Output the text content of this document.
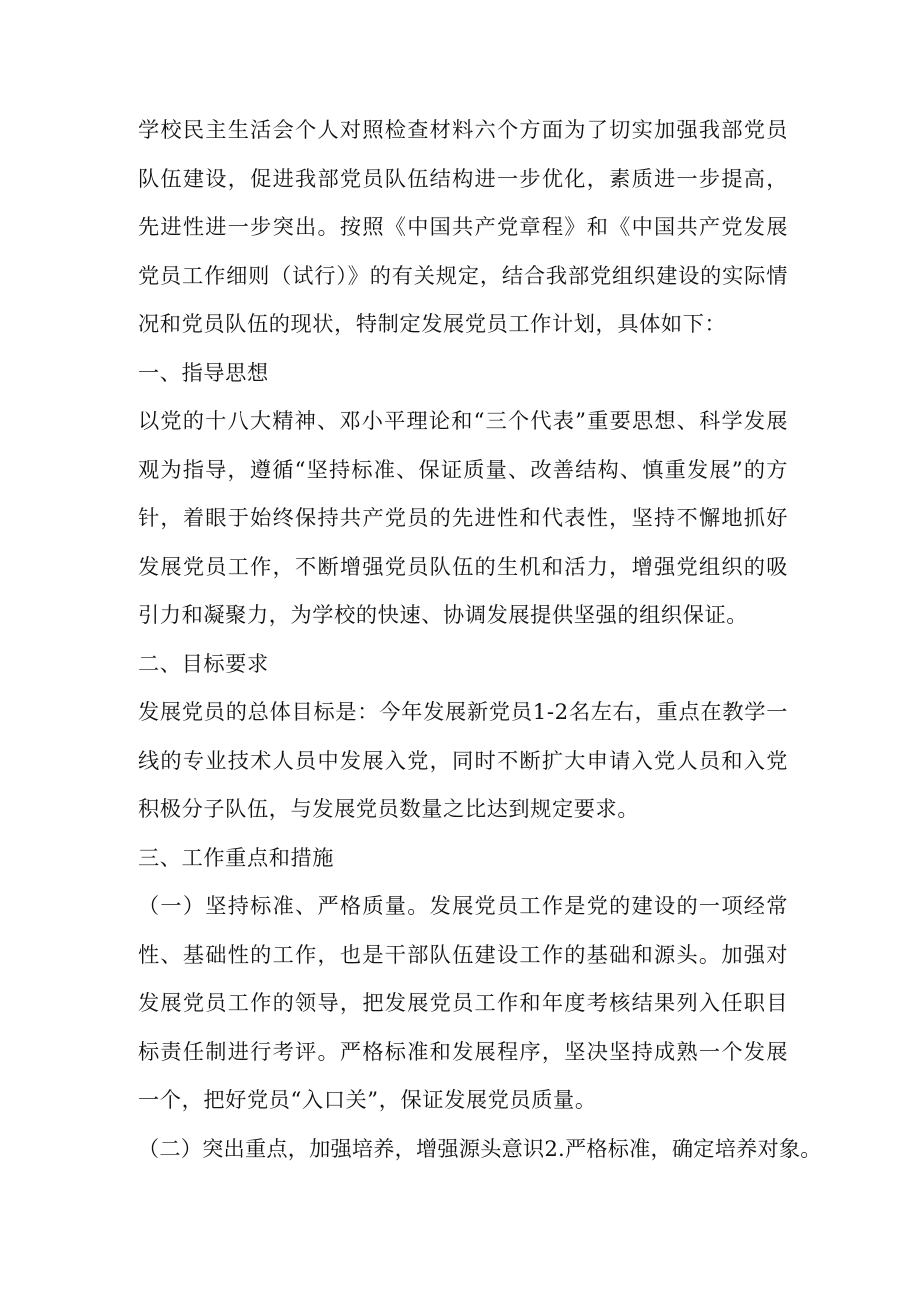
学校民主生活会个人对照检查材料六个方面为了切实加强我部党员队伍建设，促进我部党员队伍结构进一步优化，素质进一步提高，先进性进一步突出。按照《中国共产党章程》和《中国共产党发展党员工作细则（试行）》的有关规定，结合我部党组织建设的实际情况和党员队伍的现状，特制定发展党员工作计划，具体如下：

一、指导思想

以党的十八大精神、邓小平理论和“三个代表”重要思想、科学发展观为指导，遵循“坚持标准、保证质量、改善结构、慎重发展”的方针，着眼于始终保持共产党员的先进性和代表性，坚持不懈地抓好发展党员工作，不断增强党员队伍的生机和活力，增强党组织的吸引力和凝聚力，为学校的快速、协调发展提供坚强的组织保证。

二、目标要求

发展党员的总体目标是：今年发展新党员1-2名左右，重点在教学一线的专业技术人员中发展入党，同时不断扩大申请入党人员和入党积极分子队伍，与发展党员数量之比达到规定要求。

三、工作重点和措施

（一）坚持标准、严格质量。发展党员工作是党的建设的一项经常性、基础性的工作，也是干部队伍建设工作的基础和源头。加强对发展党员工作的领导，把发展党员工作和年度考核结果列入任职目标责任制进行考评。严格标准和发展程序，坚决坚持成熟一个发展一个，把好党员“入口关”，保证发展党员质量。

（二）突出重点，加强培养，增强源头意识2.严格标准，确定培养对象。
